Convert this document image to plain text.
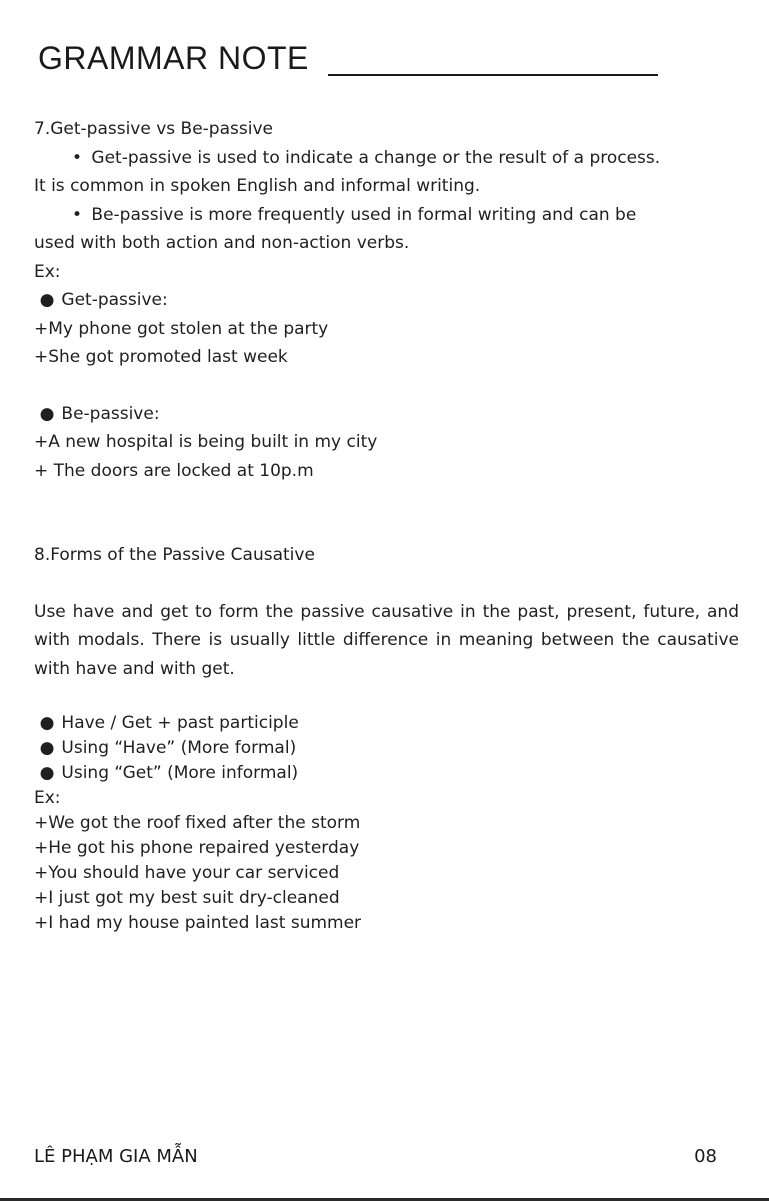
GRAMMAR NOTE
7.Get-passive vs Be-passive
• Get-passive is used to indicate a change or the result of a process.
It is common in spoken English and informal writing.
• Be-passive is more frequently used in formal writing and can be
used with both action and non-action verbs.
Ex:
● Get-passive:
+My phone got stolen at the party
+She got promoted last week
● Be-passive:
+A new hospital is being built in my city
+ The doors are locked at 10p.m
8.Forms of the Passive Causative
Use have and get to form the passive causative in the past, present, future, and with modals. There is usually little difference in meaning between the causative with have and with get.
● Have / Get + past participle
● Using “Have” (More formal)
● Using “Get” (More informal)
Ex:
+We got the roof fixed after the storm
+He got his phone repaired yesterday
+You should have your car serviced
+I just got my best suit dry-cleaned
+I had my house painted last summer
LÊ PHẠM GIA MẪN	08
